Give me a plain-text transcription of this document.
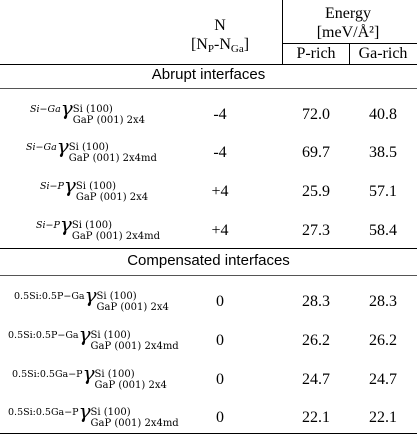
N
[NP-NGa]
Energy
[meV/Å²]
P-rich	Ga-rich
Abrupt interfaces
Si−Gaγ Si (100)
GaP (001) 2x4	-4	72.0	40.8
Si−Gaγ Si (100)
GaP (001) 2x4md	-4	69.7	38.5
Si−Pγ Si (100)
GaP (001) 2x4	+4	25.9	57.1
Si−Pγ Si (100)
GaP (001) 2x4md	+4	27.3	58.4
Compensated interfaces
0.5Si:0.5P−Gaγ Si (100)
GaP (001) 2x4	0	28.3	28.3
0.5Si:0.5P−Gaγ Si (100)
GaP (001) 2x4md	0	26.2	26.2
0.5Si:0.5Ga−Pγ Si (100)
GaP (001) 2x4	0	24.7	24.7
0.5Si:0.5Ga−Pγ Si (100)
GaP (001) 2x4md	0	22.1	22.1
